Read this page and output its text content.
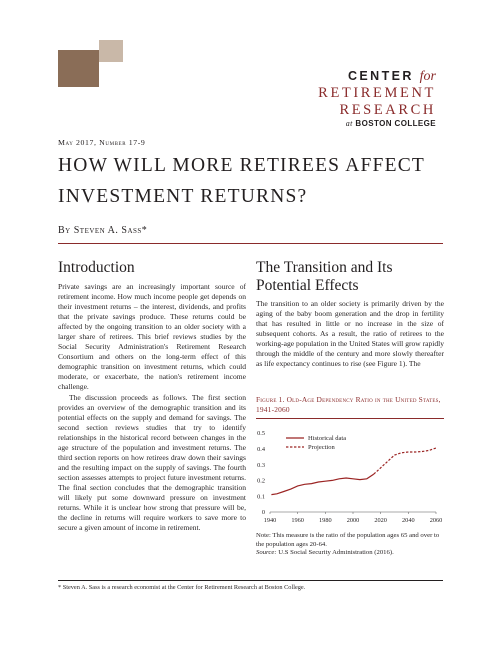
CENTER for
RETIREMENT
RESEARCH
at BOSTON COLLEGE
May 2017, Number 17-9
HOW WILL MORE RETIREES AFFECT
INVESTMENT RETURNS?
By Steven A. Sass*
Introduction

Private savings are an increasingly important source of retirement income. How much income people get depends on their investment returns – the interest, dividends, and profits that the private savings produce. These returns could be affected by the ongoing transition to an older society with a larger share of retirees. This brief reviews studies by the Social Security Administration's Retirement Research Consortium and others on the long-term effect of this demographic transition on investment returns, which could moderate, or exacerbate, the nation's retirement income challenge.

The discussion proceeds as follows. The first section provides an overview of the demographic transition and its potential effects on the supply and demand for savings. The second section reviews studies that try to identify relationships in the historical record between changes in the age structure of the population and investment returns. The third section reports on how retirees draw down their savings and the resulting impact on the supply of savings. The fourth section assesses attempts to project future investment returns. The final section concludes that the demographic transition will likely put some downward pressure on investment returns. While it is unclear how strong that pressure will be, the decline in returns will require workers to save more to secure a given amount of income in retirement.

The Transition and Its
Potential Effects

The transition to an older society is primarily driven by the aging of the baby boom generation and the drop in fertility that has resulted in little or no increase in the size of subsequent cohorts. As a result, the ratio of retirees to the working-age population in the United States will grow rapidly through the middle of the century and more slowly thereafter as life expectancy continues to rise (see Figure 1). The

Figure 1. Old-Age Dependency Ratio in the United States, 1941-2060
0
0.1
0.2
0.3
0.4
0.5
1940 1960 1980 2000 2020 2040 2060
Historical data
Projection
Note: This measure is the ratio of the population ages 65 and over to the population ages 20-64.
Source: U.S Social Security Administration (2016).
* Steven A. Sass is a research economist at the Center for Retirement Research at Boston College.
